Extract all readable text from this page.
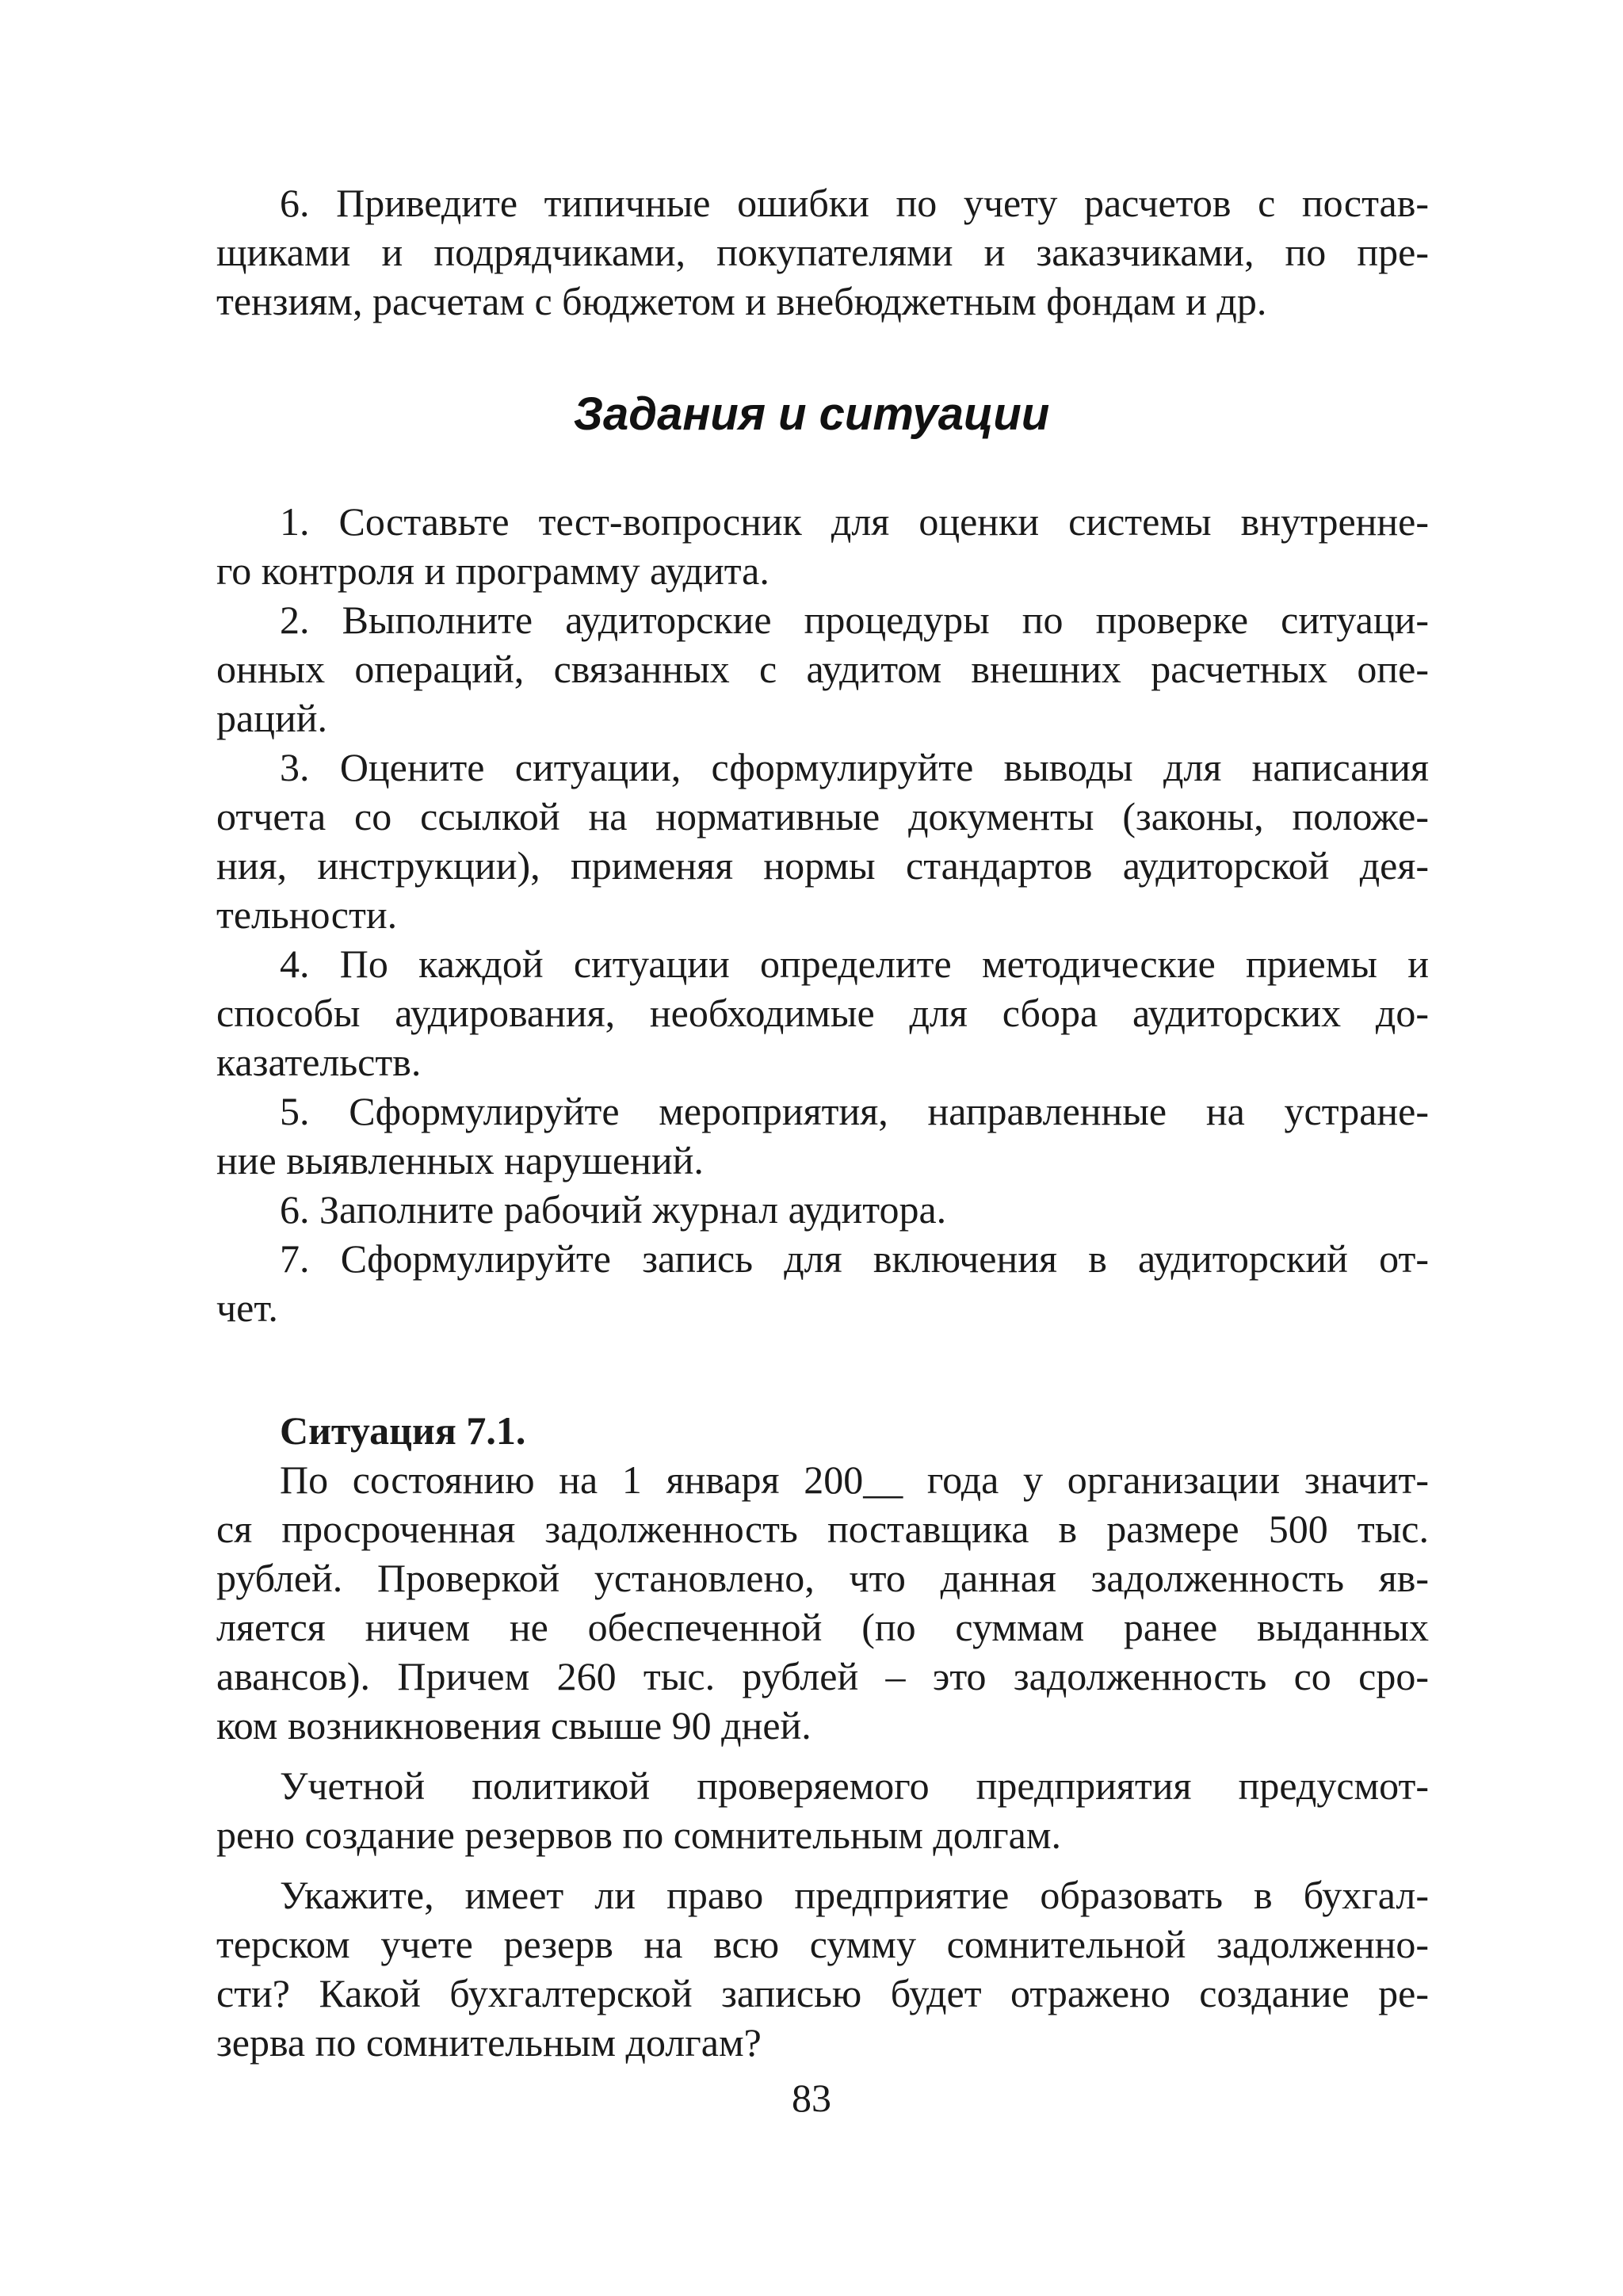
6. Приведите типичные ошибки по учету расчетов с постав-
щиками и подрядчиками, покупателями и заказчиками, по пре-
тензиям, расчетам с бюджетом и внебюджетным фондам и др.
Задания и ситуации
1. Составьте тест-вопросник для оценки системы внутренне-
го контроля и программу аудита.
2. Выполните аудиторские процедуры по проверке ситуаци-
онных операций, связанных с аудитом внешних расчетных опе-
раций.
3. Оцените ситуации, сформулируйте выводы для написания
отчета со ссылкой на нормативные документы (законы, положе-
ния, инструкции), применяя нормы стандартов аудиторской дея-
тельности.
4. По каждой ситуации определите методические приемы и
способы аудирования, необходимые для сбора аудиторских до-
казательств.
5. Сформулируйте мероприятия, направленные на устране-
ние выявленных нарушений.
6. Заполните рабочий журнал аудитора.
7. Сформулируйте запись для включения в аудиторский от-
чет.
Ситуация 7.1.
По состоянию на 1 января 200__ года у организации значит-
ся просроченная задолженность поставщика в размере 500 тыс.
рублей. Проверкой установлено, что данная задолженность яв-
ляется ничем не обеспеченной (по суммам ранее выданных
авансов). Причем 260 тыс. рублей – это задолженность со сро-
ком возникновения свыше 90 дней.
Учетной политикой проверяемого предприятия предусмот-
рено создание резервов по сомнительным долгам.
Укажите, имеет ли право предприятие образовать в бухгал-
терском учете резерв на всю сумму сомнительной задолженно-
сти? Какой бухгалтерской записью будет отражено создание ре-
зерва по сомнительным долгам?
83
